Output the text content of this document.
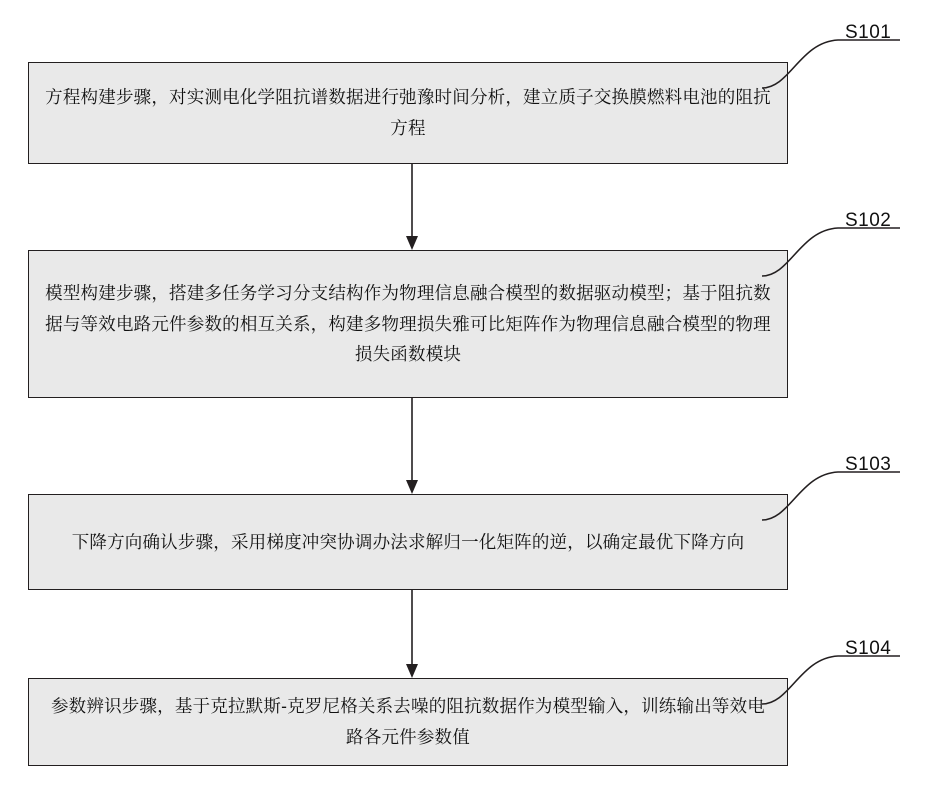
方程构建步骤，对实测电化学阻抗谱数据进行弛豫时间分析，建立质子交换膜燃料电池的阻抗方程
S101
模型构建步骤，搭建多任务学习分支结构作为物理信息融合模型的数据驱动模型；基于阻抗数据与等效电路元件参数的相互关系，构建多物理损失雅可比矩阵作为物理信息融合模型的物理损失函数模块
S102
下降方向确认步骤，采用梯度冲突协调办法求解归一化矩阵的逆，以确定最优下降方向
S103
参数辨识步骤，基于克拉默斯-克罗尼格关系去噪的阻抗数据作为模型输入，训练输出等效电路各元件参数值
S104
